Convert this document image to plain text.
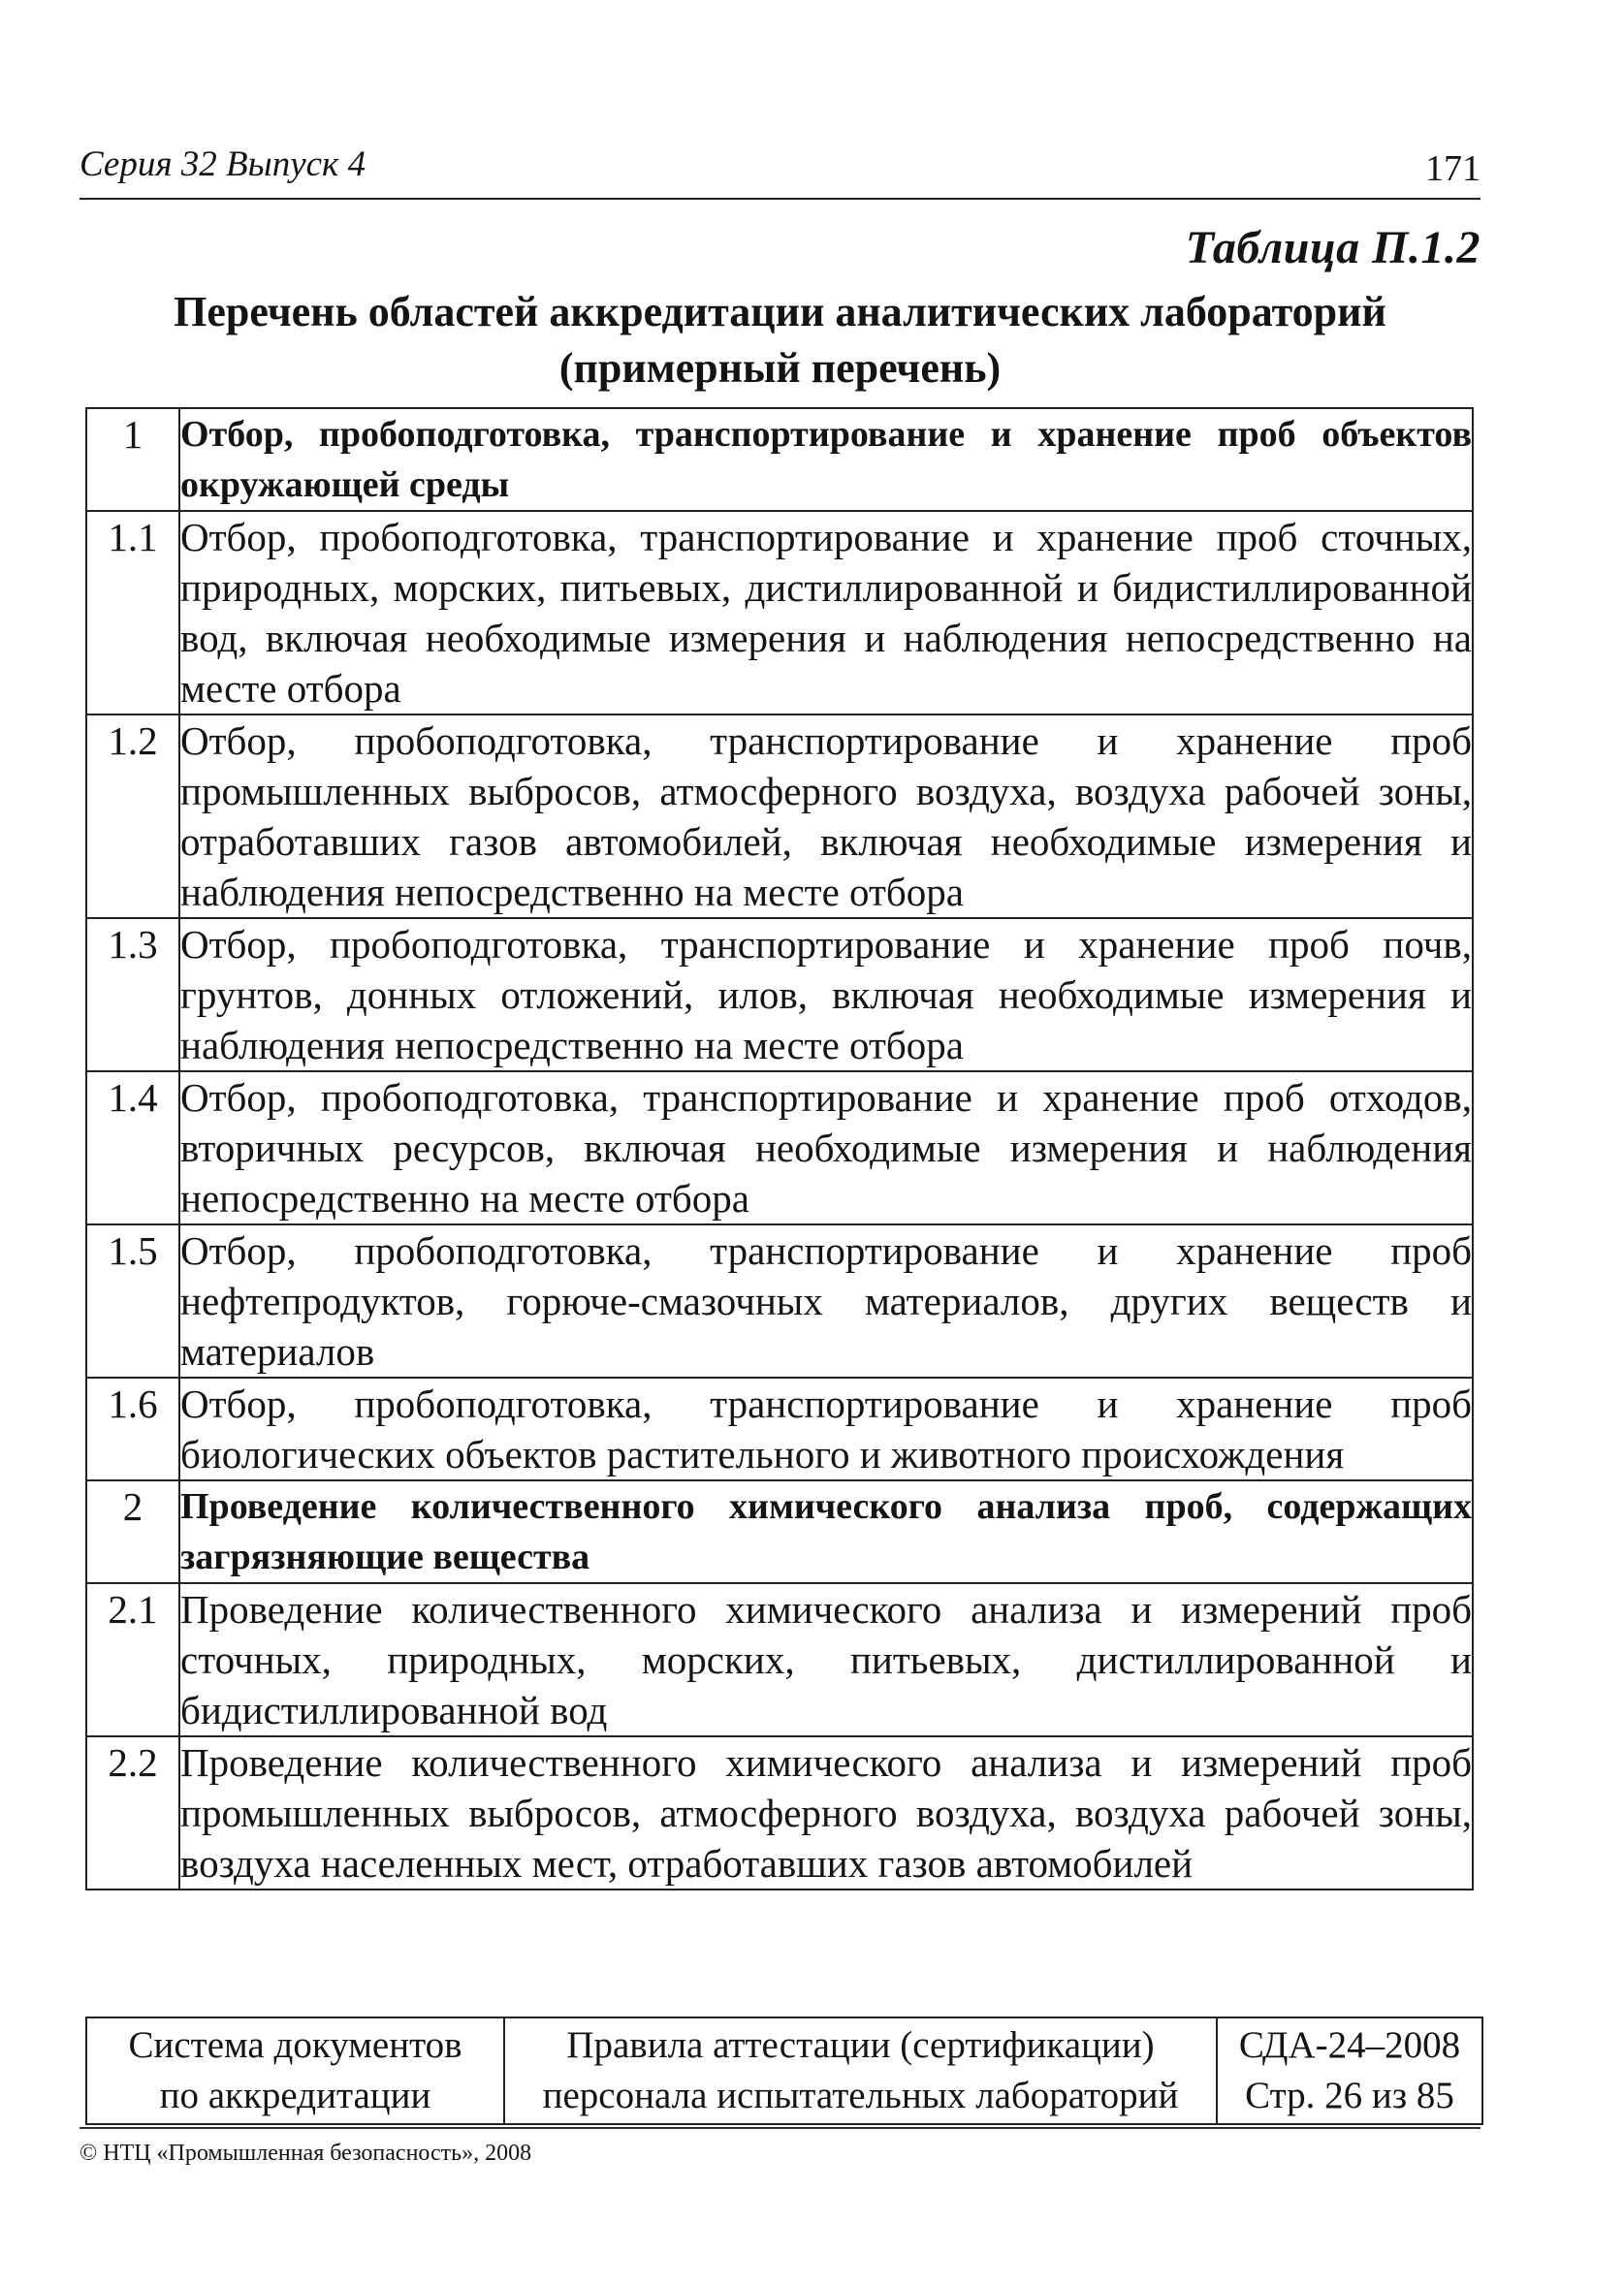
Серия 32 Выпуск 4	171
Таблица П.1.2
Перечень областей аккредитации аналитических лабораторий
(примерный перечень)
1	Отбор, пробоподготовка, транспортирование и хранение проб объектов окружающей среды
1.1	Отбор, пробоподготовка, транспортирование и хранение проб сточных, природных, морских, питьевых, дистиллированной и бидистиллированной вод, включая необходимые измерения и наблюдения непосредственно на месте отбора
1.2	Отбор, пробоподготовка, транспортирование и хранение проб промышленных выбросов, атмосферного воздуха, воздуха рабочей зоны, отработавших газов автомобилей, включая необходимые измерения и наблюдения непосредственно на месте отбора
1.3	Отбор, пробоподготовка, транспортирование и хранение проб почв, грунтов, донных отложений, илов, включая необходимые измерения и наблюдения непосредственно на месте отбора
1.4	Отбор, пробоподготовка, транспортирование и хранение проб отходов, вторичных ресурсов, включая необходимые измерения и наблюдения непосредственно на месте отбора
1.5	Отбор, пробоподготовка, транспортирование и хранение проб нефтепродуктов, горюче-смазочных материалов, других веществ и материалов
1.6	Отбор, пробоподготовка, транспортирование и хранение проб биологических объектов растительного и животного происхождения
2	Проведение количественного химического анализа проб, содержащих загрязняющие вещества
2.1	Проведение количественного химического анализа и измерений проб сточных, природных, морских, питьевых, дистиллированной и бидистиллированной вод
2.2	Проведение количественного химического анализа и измерений проб промышленных выбросов, атмосферного воздуха, воздуха рабочей зоны, воздуха населенных мест, отработавших газов автомобилей
Система документов
по аккредитации

Правила аттестации (сертификации)
персонала испытательных лабораторий

СДА-24–2008
Стр. 26 из 85
© НТЦ «Промышленная безопасность», 2008
